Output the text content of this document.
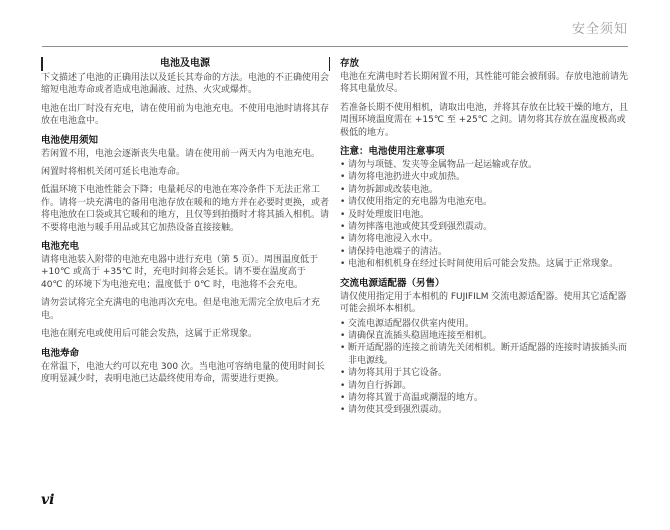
安全须知
电池及电源

下文描述了电池的正确用法以及延长其寿命的方法。电池的不正确使用会缩短电池寿命或者造成电池漏液、过热、火灾或爆炸。

电池在出厂时没有充电，请在使用前为电池充电。不使用电池时请将其存放在电池盒中。

电池使用须知

若闲置不用，电池会逐渐丧失电量。请在使用前一两天内为电池充电。

闲置时将相机关闭可延长电池寿命。

低温环境下电池性能会下降；电量耗尽的电池在寒冷条件下无法正常工作。请将一块充满电的备用电池存放在暖和的地方并在必要时更换，或者将电池放在口袋或其它暖和的地方，且仅等到拍摄时才将其插入相机。请不要将电池与暖手用品或其它加热设备直接接触。

电池充电

请将电池装入附带的电池充电器中进行充电（第 5 页）。周围温度低于 +10℃ 或高于 +35℃ 时，充电时间将会延长。请不要在温度高于 40℃ 的环境下为电池充电；温度低于 0℃ 时，电池将不会充电。

请勿尝试将完全充满电的电池再次充电。但是电池无需完全放电后才充电。

电池在刚充电或使用后可能会发热，这属于正常现象。

电池寿命

在常温下，电池大约可以充电 300 次。当电池可容纳电量的使用时间长度明显减少时，表明电池已达最终使用寿命，需要进行更换。

存放

电池在充满电时若长期闲置不用，其性能可能会被削弱。存放电池前请先将其电量放尽。

若准备长期不使用相机，请取出电池，并将其存放在比较干燥的地方，且周围环境温度需在 +15℃ 至 +25℃ 之间。请勿将其存放在温度极高或极低的地方。

注意：电池使用注意事项
• 请勿与项链、发夹等金属物品一起运输或存放。
• 请勿将电池扔进火中或加热。
• 请勿拆卸或改装电池。
• 请仅使用指定的充电器为电池充电。
• 及时处理废旧电池。
• 请勿摔落电池或使其受到强烈震动。
• 请勿将电池浸入水中。
• 请保持电池端子的清洁。
• 电池和相机机身在经过长时间使用后可能会发热。这属于正常现象。
交流电源适配器（另售）

请仅使用指定用于本相机的 FUJIFILM 交流电源适配器。使用其它适配器可能会损坏本相机。

• 交流电源适配器仅供室内使用。
• 请确保直流插头稳固地连接至相机。
• 断开适配器的连接之前请先关闭相机。断开适配器的连接时请拔插头而非电源线。
• 请勿将其用于其它设备。
• 请勿自行拆卸。
• 请勿将其置于高温或潮湿的地方。
• 请勿使其受到强烈震动。
vi
